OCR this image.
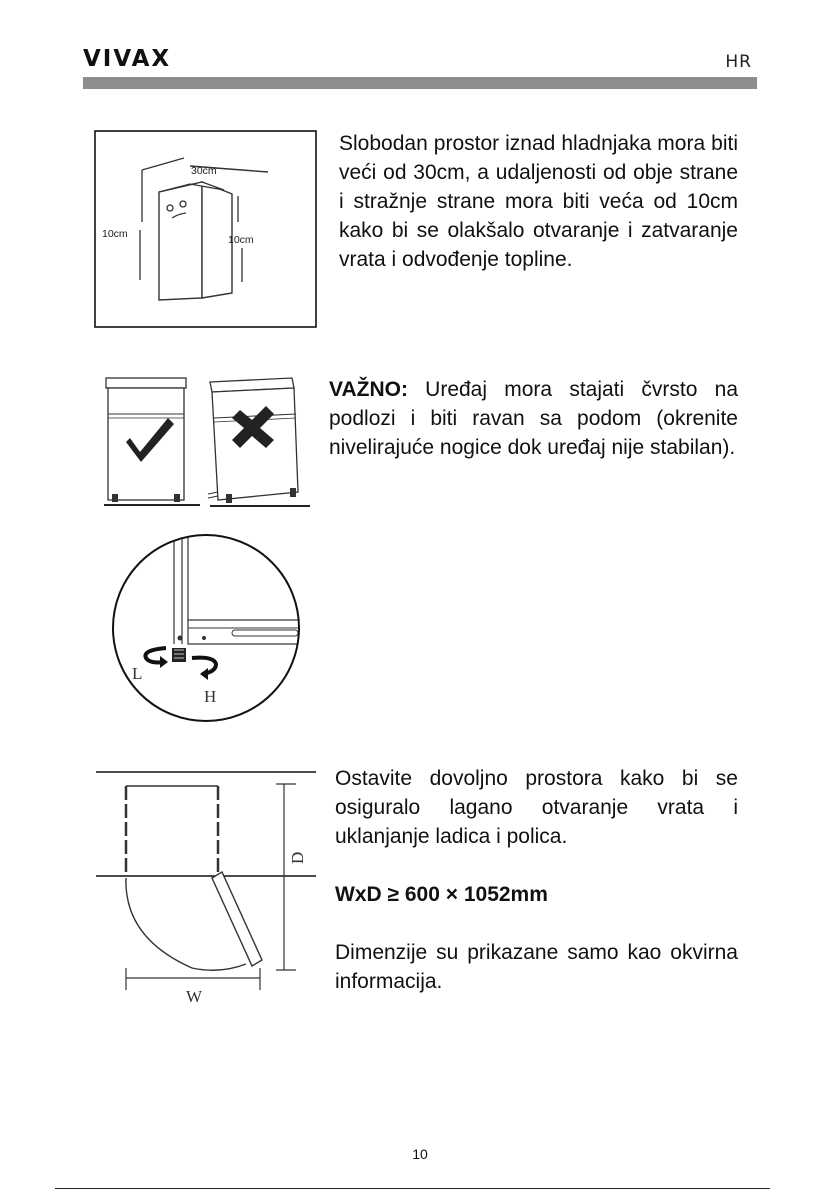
VIVAX	HR
30cm
10cm	10cm
Slobodan prostor iznad hladnjaka mora biti veći od 30cm, a udaljenosti od obje strane i stražnje strane mora biti veća od 10cm kako bi se olakšalo otvaranje i zatvaranje vrata i odvođenje topline.
L
H
VAŽNO: Uređaj mora stajati čvrsto na podlozi i biti ravan sa podom (okrenite nivelirajuće nogice dok uređaj nije stabilan).
W
D
Ostavite dovoljno prostora kako bi se osiguralo lagano otvaranje vrata i uklanjanje ladica i polica.
WxD ≥ 600 × 1052mm
Dimenzije su prikazane samo kao okvirna informacija.
10
